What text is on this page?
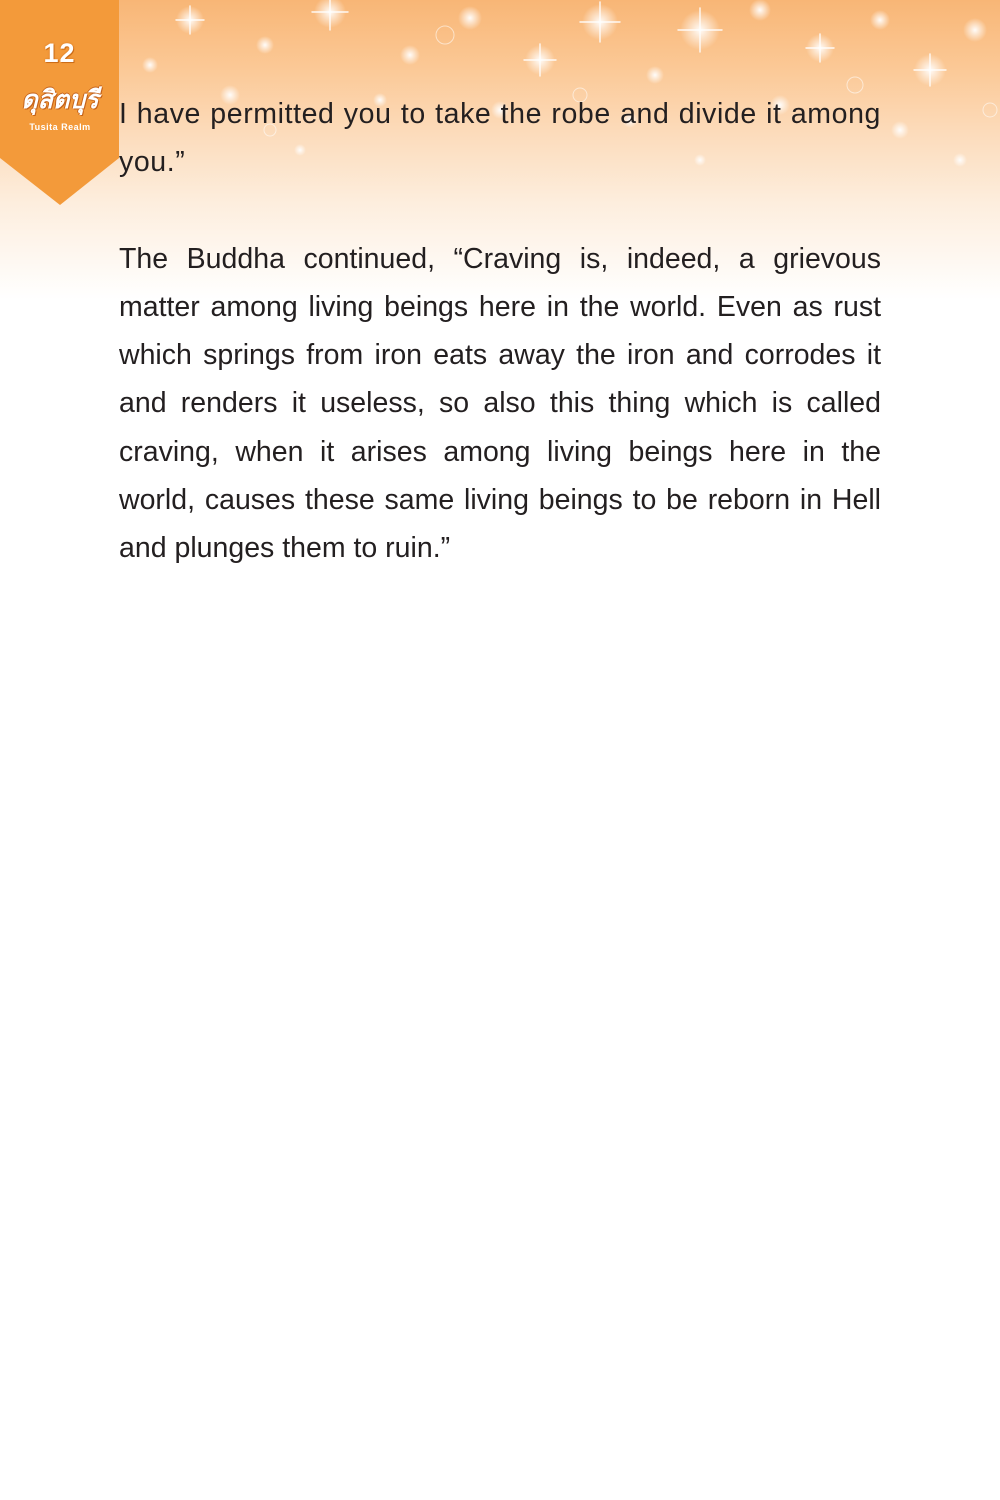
12
ดุสิตบุรี
Tusita Realm I have permitted you to take the robe and divide it among you.”

The Buddha continued, “Craving is, indeed, a grievous matter among living beings here in the world. Even as rust which springs from iron eats away the iron and corrodes it and renders it useless, so also this thing which is called craving, when it arises among living beings here in the world, causes these same living beings to be reborn in Hell and plunges them to ruin.”
